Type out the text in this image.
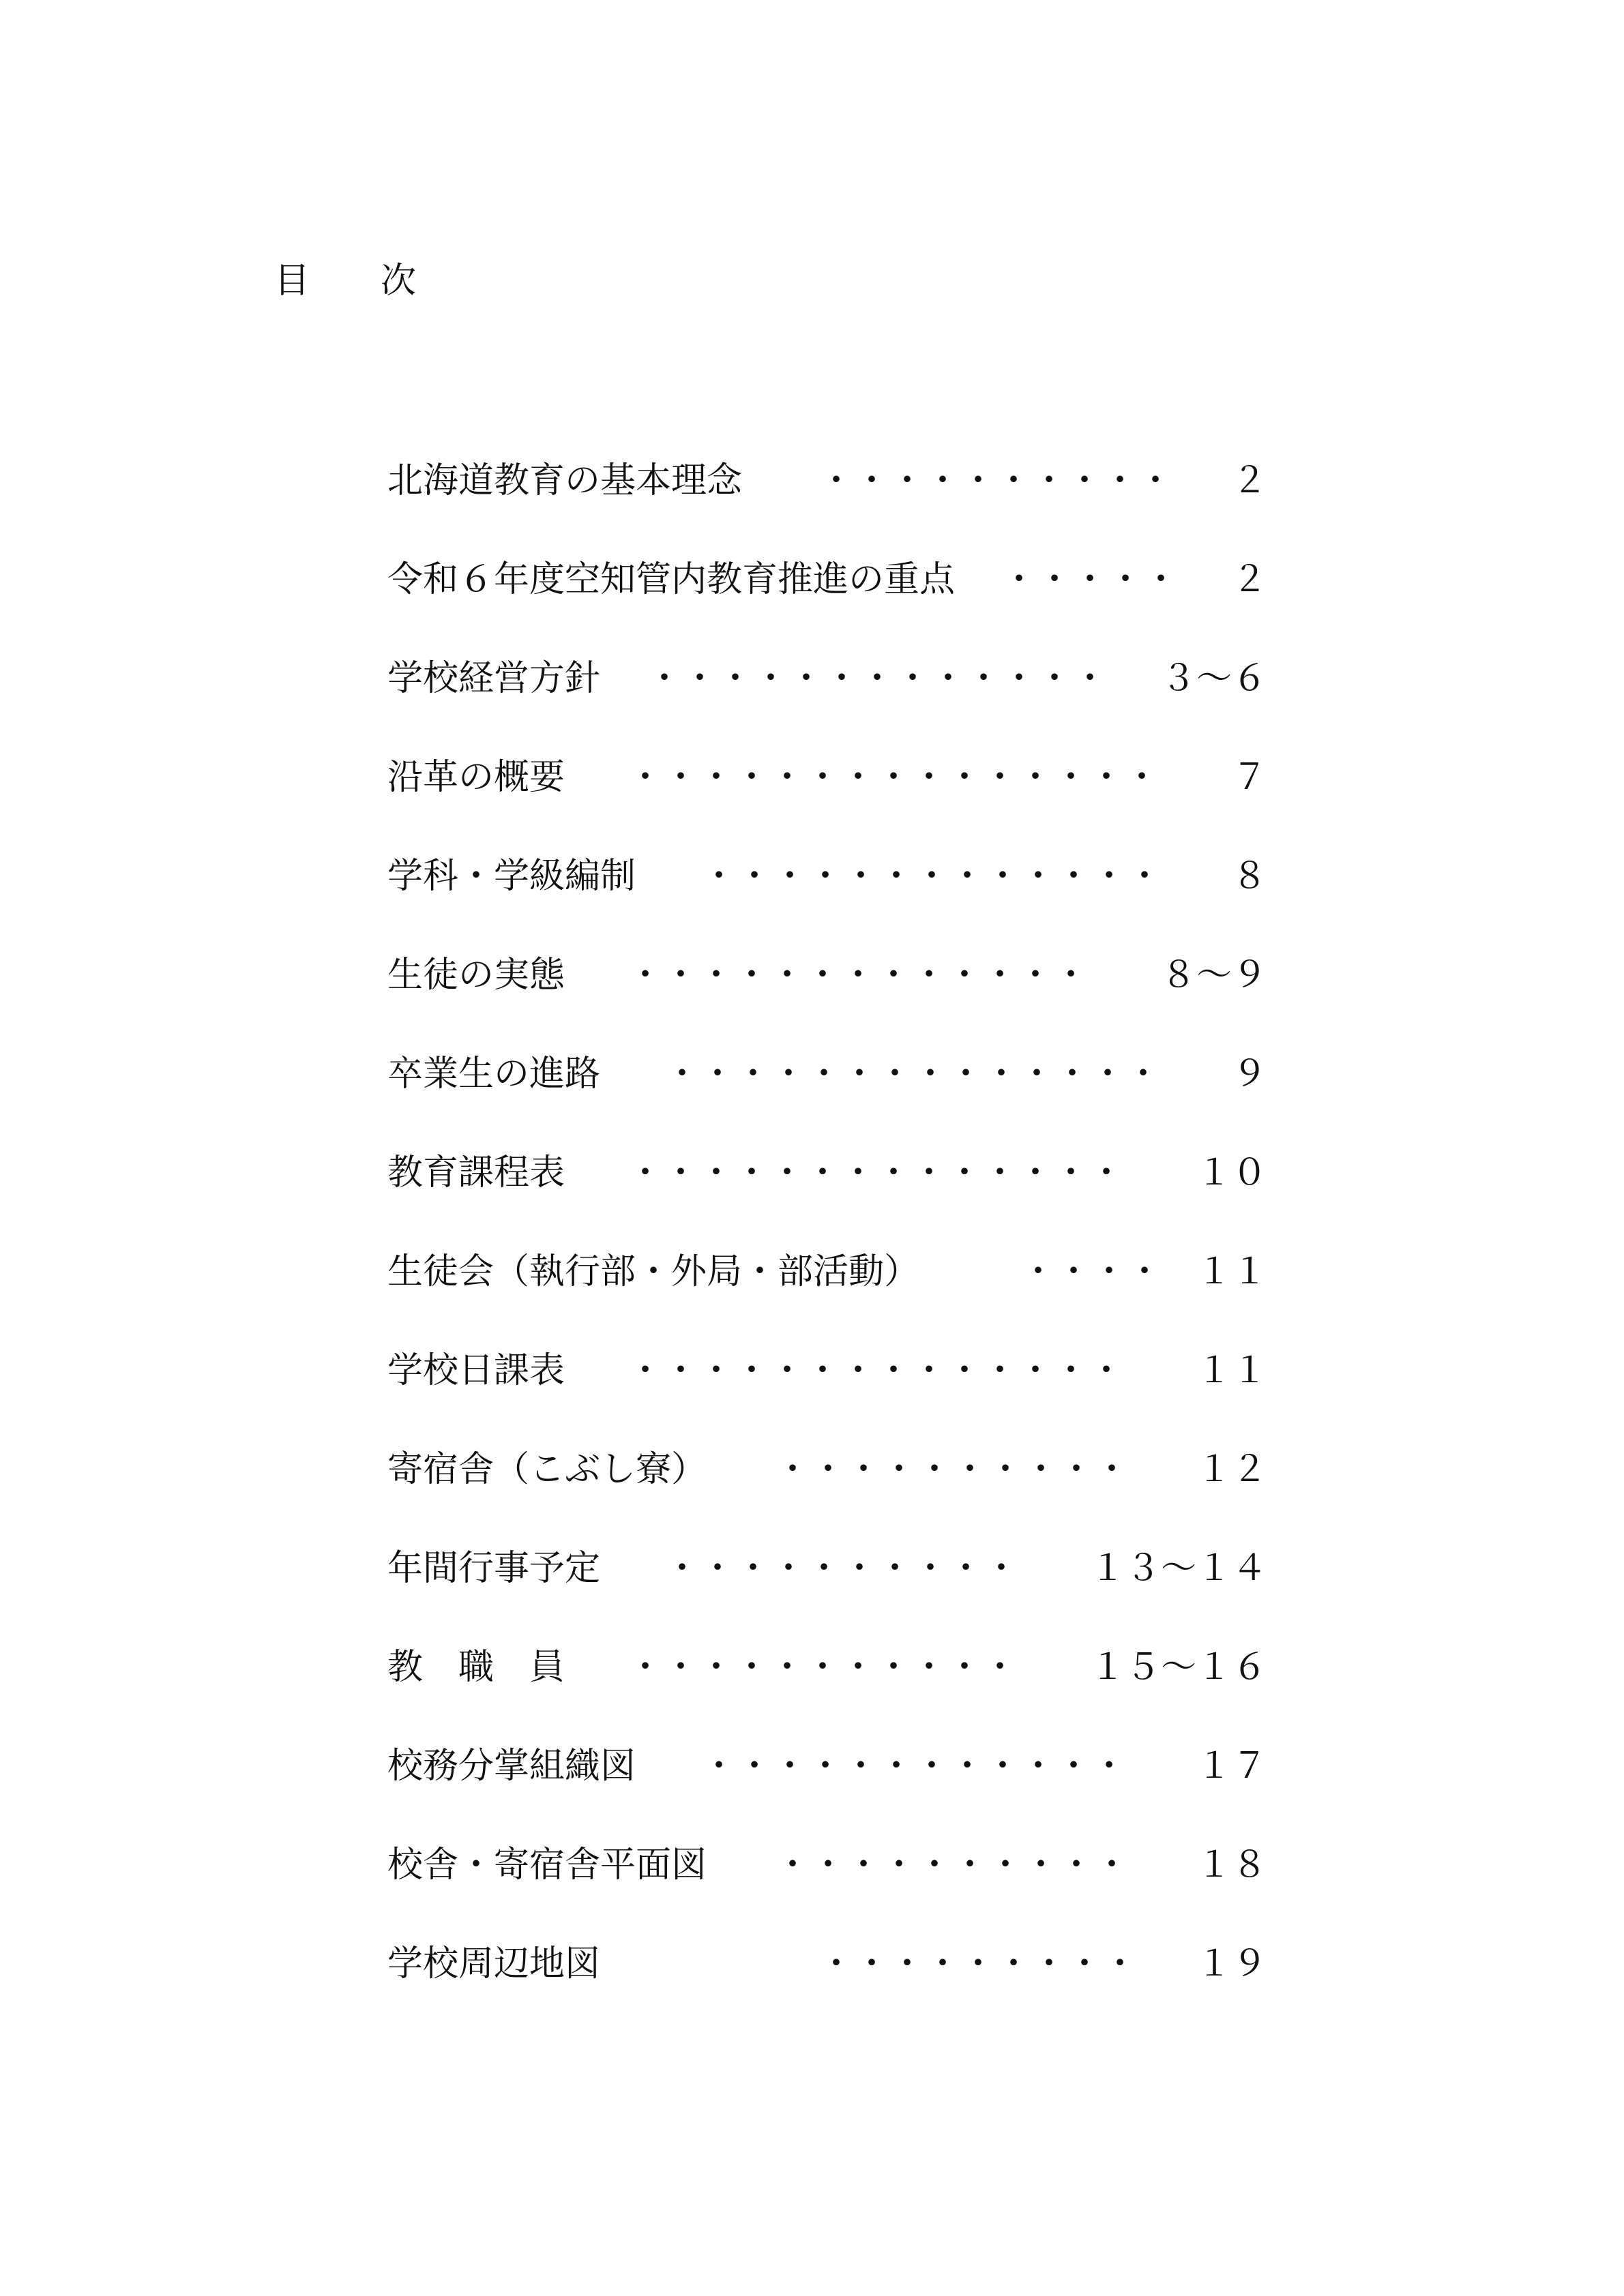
目　　次
北海道教育の基本理念 ・・・・・・・・・・ ２
令和６年度空知管内教育推進の重点 ・・・・・ ２
学校経営方針 ・・・・・・・・・・・・・ ３～６
沿革の概要 ・・・・・・・・・・・・・・・ ７
学科・学級編制 ・・・・・・・・・・・・・ ８
生徒の実態 ・・・・・・・・・・・・・ ８～９
卒業生の進路 ・・・・・・・・・・・・・・ ９
教育課程表 ・・・・・・・・・・・・・・ １０
生徒会（執行部・外局・部活動）	・・・・ １１
学校日課表 ・・・・・・・・・・・・・・ １１
寄宿舎（こぶし寮） ・・・・・・・・・・ １２
年間行事予定 ・・・・・・・・・・ １３～１４
教　職　員 ・・・・・・・・・・・ １５～１６
校務分掌組織図 ・・・・・・・・・・・・ １７
校舎・寄宿舎平面図 ・・・・・・・・・・ １８
学校周辺地図	・・・・・・・・・ １９
